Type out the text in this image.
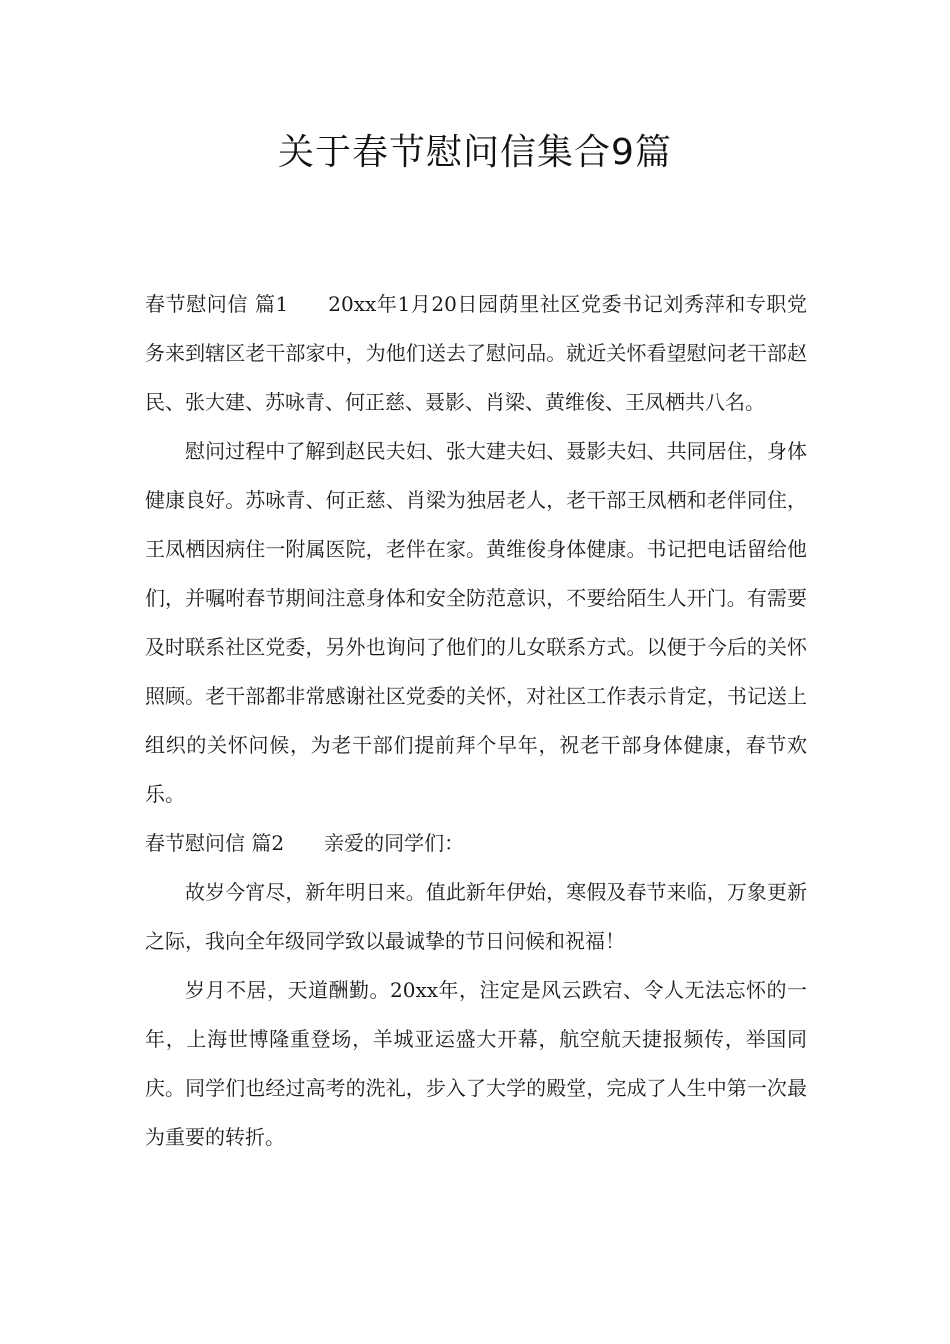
关于春节慰问信集合9篇

春节慰问信 篇1 20xx年1月20日园荫里社区党委书记刘秀萍和专职党务来到辖区老干部家中，为他们送去了慰问品。就近关怀看望慰问老干部赵民、张大建、苏咏青、何正慈、聂影、肖梁、黄维俊、王凤栖共八名。

慰问过程中了解到赵民夫妇、张大建夫妇、聂影夫妇、共同居住，身体健康良好。苏咏青、何正慈、肖梁为独居老人，老干部王凤栖和老伴同住，王凤栖因病住一附属医院，老伴在家。黄维俊身体健康。书记把电话留给他们，并嘱咐春节期间注意身体和安全防范意识，不要给陌生人开门。有需要及时联系社区党委，另外也询问了他们的儿女联系方式。以便于今后的关怀照顾。老干部都非常感谢社区党委的关怀，对社区工作表示肯定，书记送上组织的关怀问候，为老干部们提前拜个早年，祝老干部身体健康，春节欢乐。

春节慰问信 篇2 亲爱的同学们：

故岁今宵尽，新年明日来。值此新年伊始，寒假及春节来临，万象更新之际，我向全年级同学致以最诚挚的节日问候和祝福！

岁月不居，天道酬勤。20xx年，注定是风云跌宕、令人无法忘怀的一年，上海世博隆重登场，羊城亚运盛大开幕，航空航天捷报频传，举国同庆。同学们也经过高考的洗礼，步入了大学的殿堂，完成了人生中第一次最为重要的转折。
